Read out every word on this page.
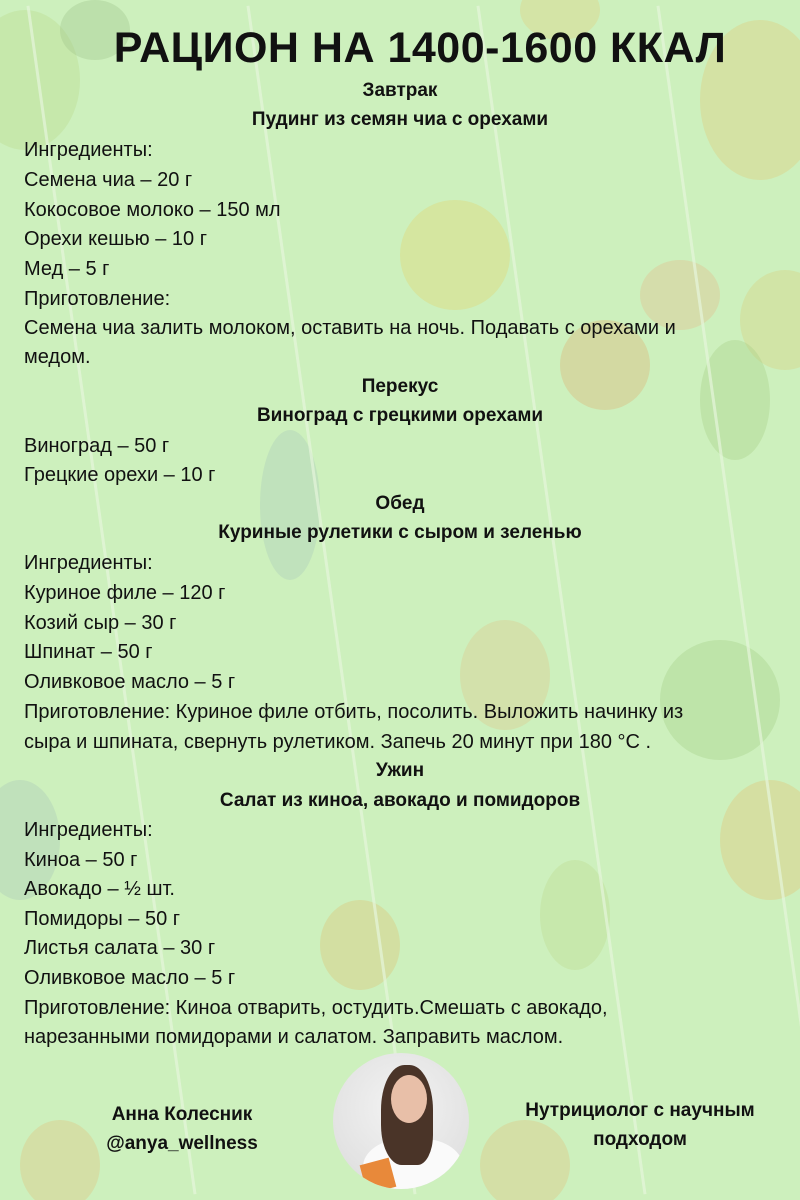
РАЦИОН НА 1400-1600 ККАЛ
Завтрак
Пудинг из семян чиа с орехами
Ингредиенты:
Семена чиа – 20 г
Кокосовое молоко – 150 мл
Орехи кешью – 10 г
Мед – 5 г
Приготовление:
Семена чиа залить молоком, оставить на ночь. Подавать с орехами и
медом.
Перекус
Виноград с грецкими орехами
Виноград – 50 г
Грецкие орехи – 10 г
Обед
Куриные рулетики с сыром и зеленью
Ингредиенты:
Куриное филе – 120 г
Козий сыр – 30 г
Шпинат – 50 г
Оливковое масло – 5 г
Приготовление: Куриное филе отбить, посолить. Выложить начинку из
сыра и шпината, свернуть рулетиком. Запечь 20 минут при 180 °C .
Ужин
Салат из киноа, авокадо и помидоров
Ингредиенты:
Киноа – 50 г
Авокадо – ½ шт.
Помидоры – 50 г
Листья салата – 30 г
Оливковое масло – 5 г
Приготовление: Киноа отварить, остудить.Смешать с авокадо,
нарезанными помидорами и салатом. Заправить маслом.
Анна Колесник
@anya_wellness
Нутрициолог с научным
подходом
